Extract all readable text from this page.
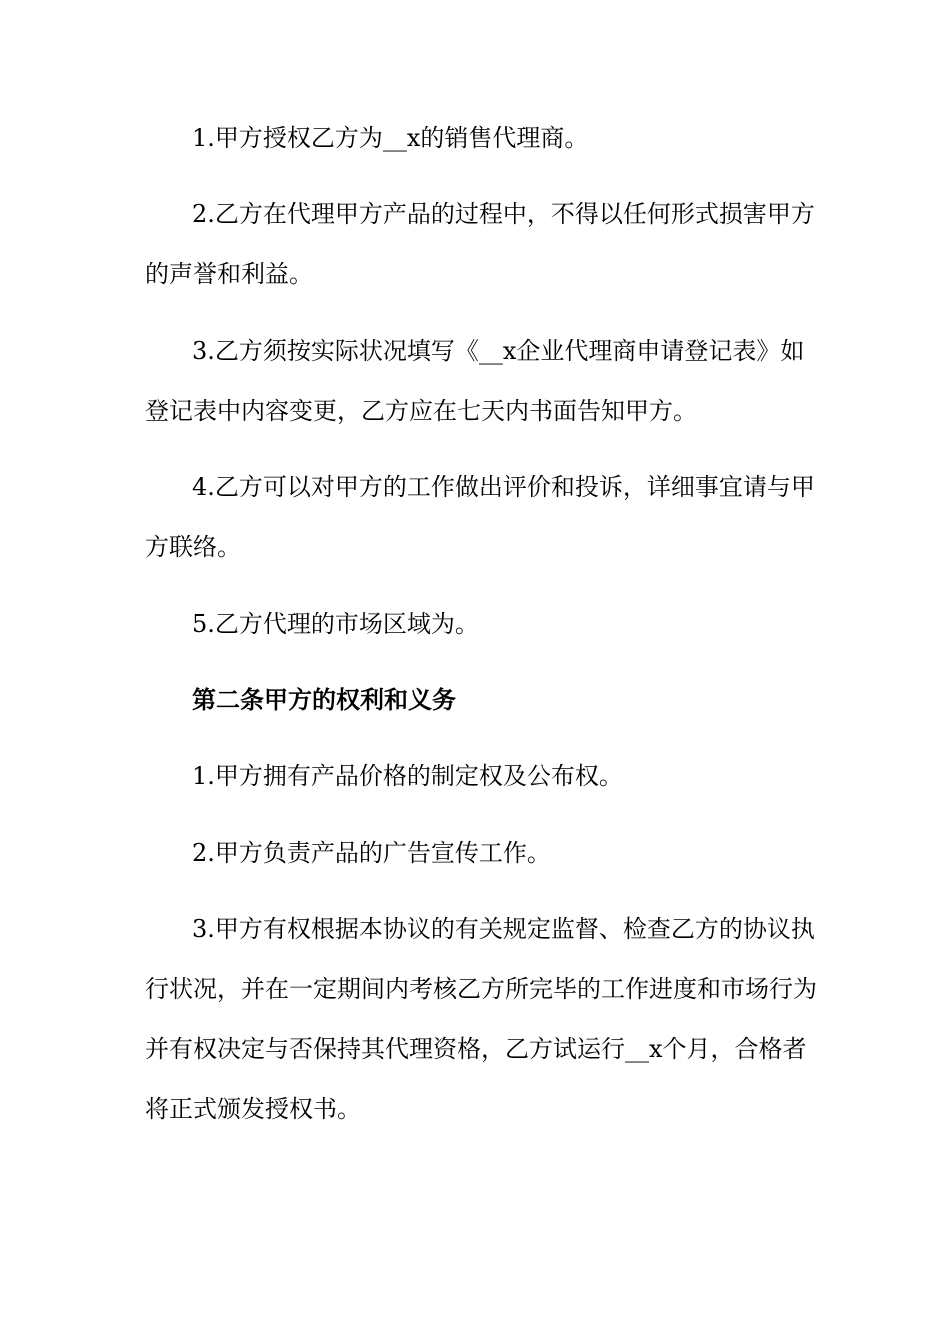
1.甲方授权乙方为__x的销售代理商。
2.乙方在代理甲方产品的过程中，不得以任何形式损害甲方
的声誉和利益。
3.乙方须按实际状况填写《__x企业代理商申请登记表》如
登记表中内容变更，乙方应在七天内书面告知甲方。
4.乙方可以对甲方的工作做出评价和投诉，详细事宜请与甲
方联络。
5.乙方代理的市场区域为。
第二条甲方的权利和义务
1.甲方拥有产品价格的制定权及公布权。
2.甲方负责产品的广告宣传工作。
3.甲方有权根据本协议的有关规定监督、检查乙方的协议执
行状况，并在一定期间内考核乙方所完毕的工作进度和市场行为
并有权决定与否保持其代理资格，乙方试运行__x个月，合格者
将正式颁发授权书。
